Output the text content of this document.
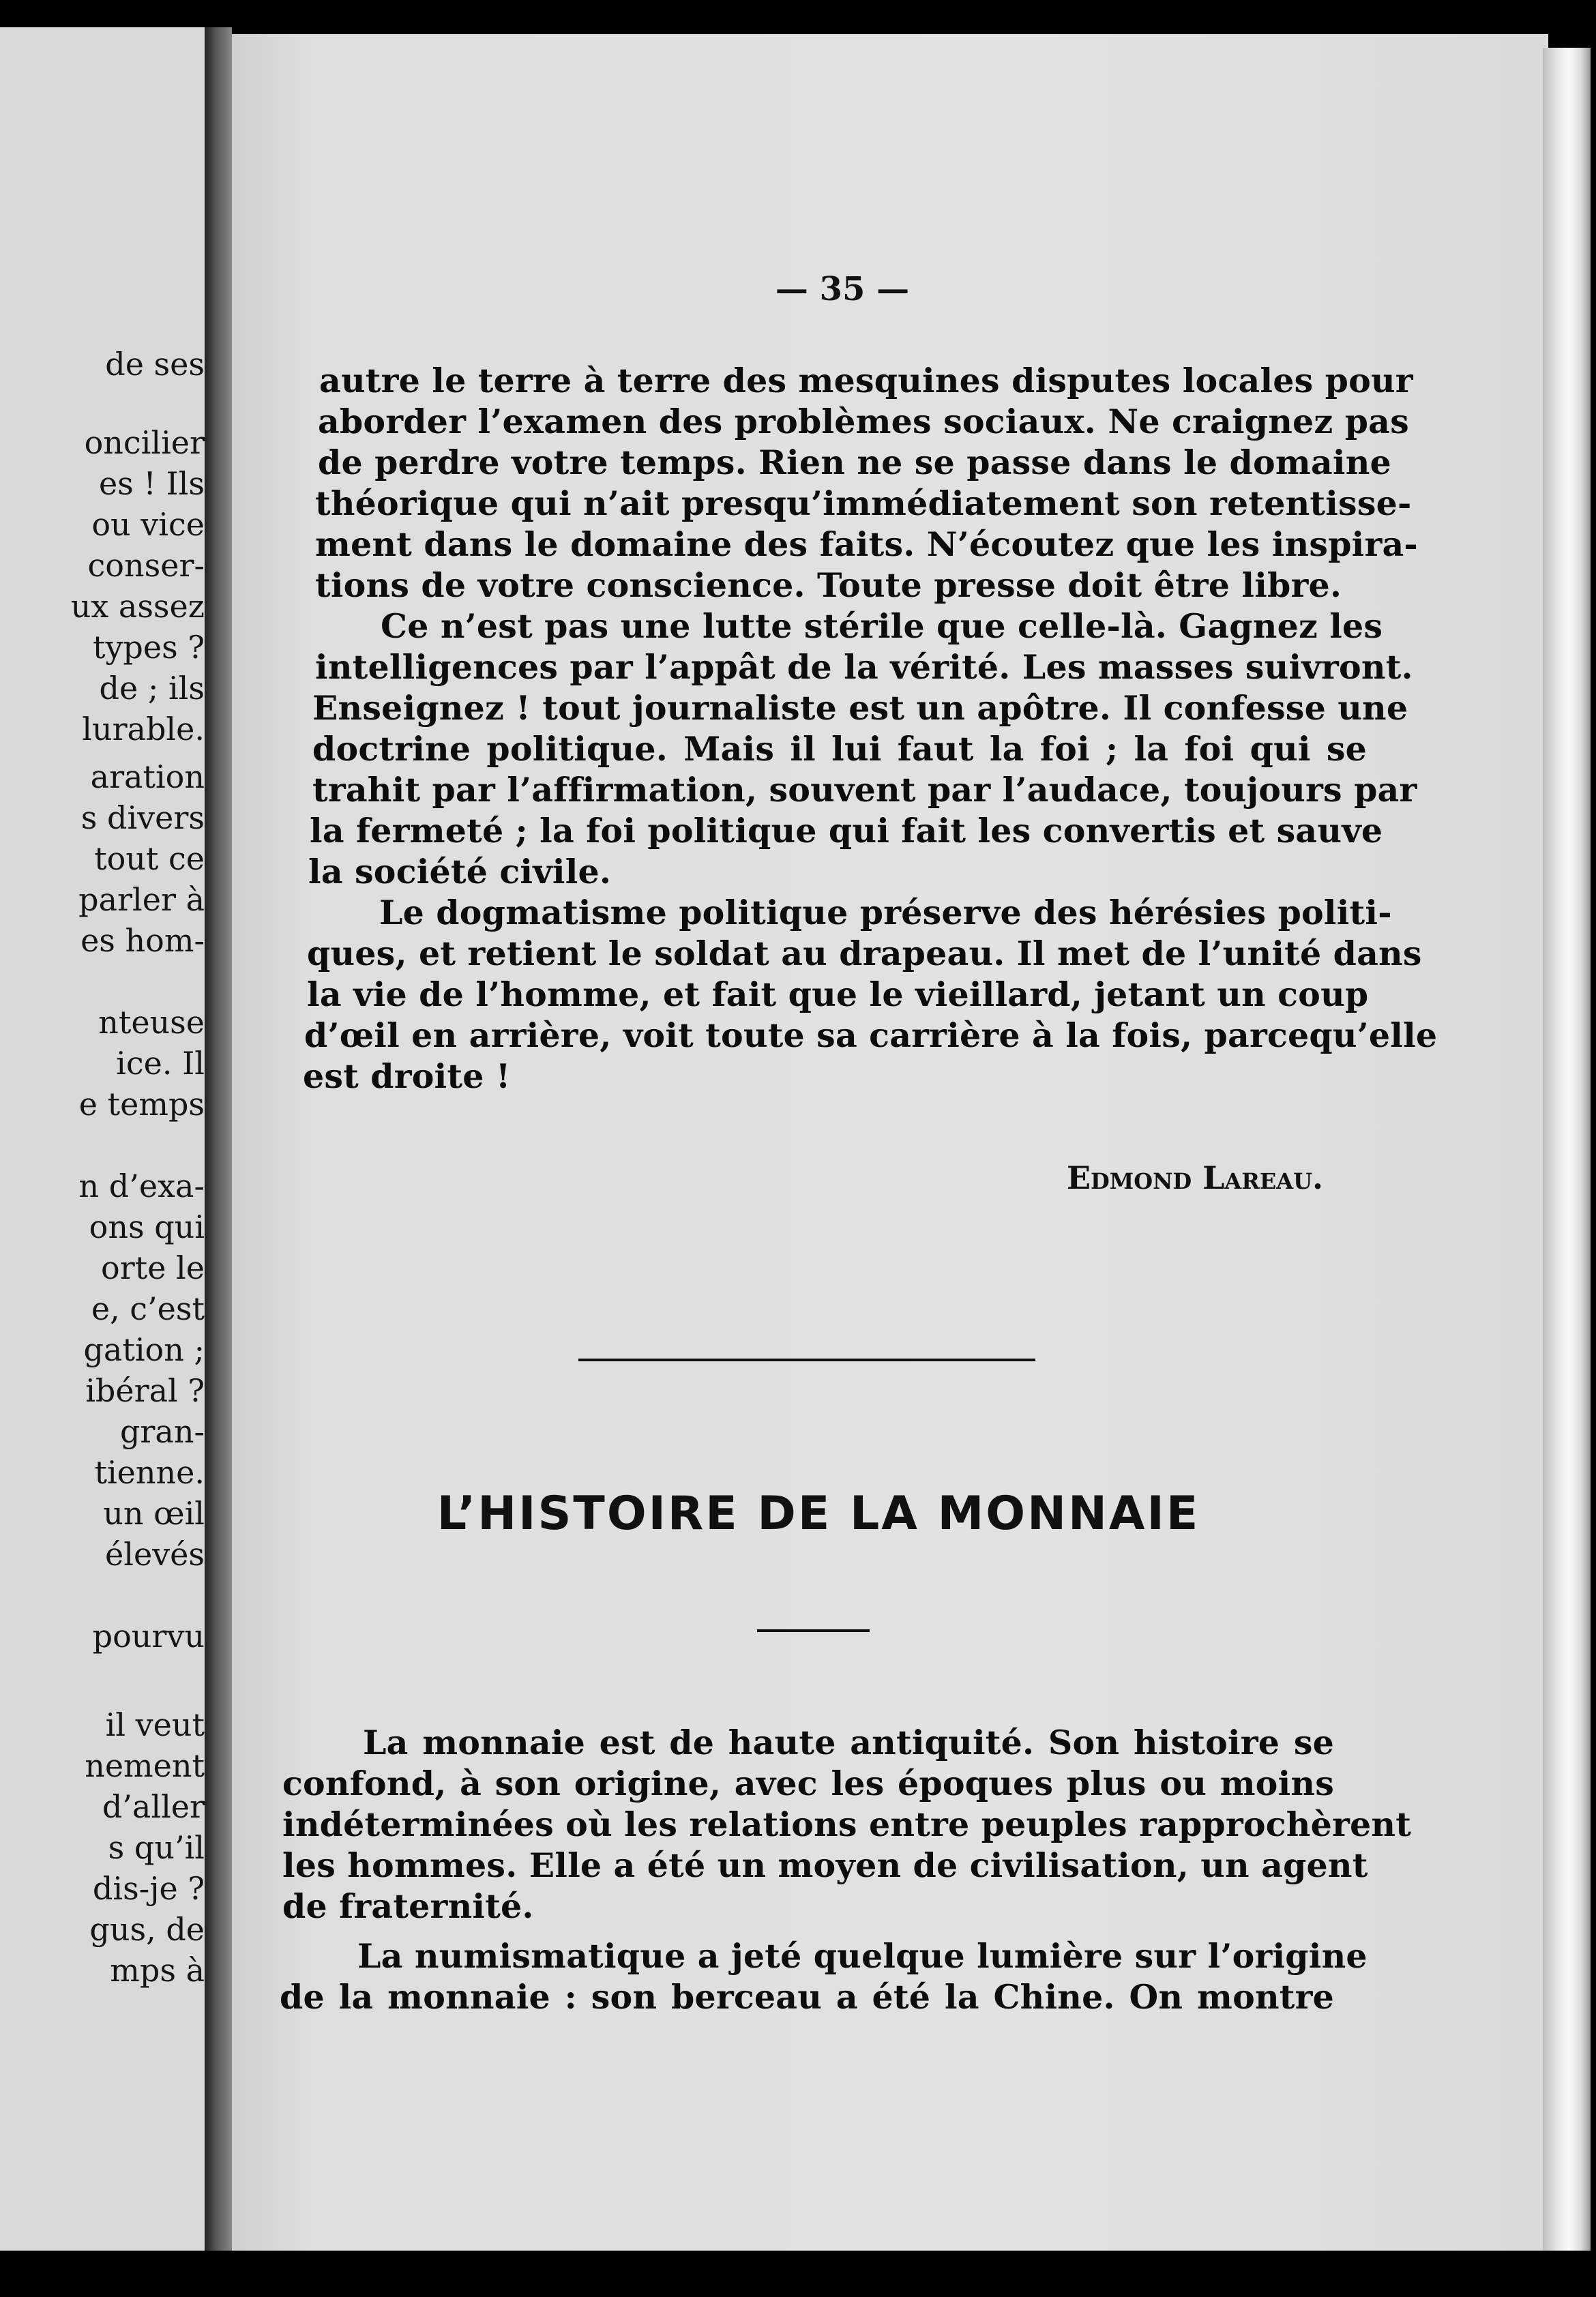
de ses
oncilier
es ! Ils
ou vice
conser-
ux assez
types ?
de ; ils
lurable.
aration
s divers
tout ce
parler à
es hom-
nteuse
ice. Il
e temps
n d’exa-
ons qui
orte le
e, c’est
gation ;
ibéral ?
gran-
tienne.
un œil
élevés
pourvu
il veut
nement
d’aller
s qu’il
dis-je ?
gus, de
mps à
— 35 —
autre le terre à terre des mesquines disputes locales pour
aborder l’examen des problèmes sociaux. Ne craignez pas
de perdre votre temps. Rien ne se passe dans le domaine
théorique qui n’ait presqu’immédiatement son retentisse-
ment dans le domaine des faits. N’écoutez que les inspira-
tions de votre conscience. Toute presse doit être libre.
Ce n’est pas une lutte stérile que celle-là. Gagnez les
intelligences par l’appât de la vérité. Les masses suivront.
Enseignez ! tout journaliste est un apôtre. Il confesse une
doctrine politique. Mais il lui faut la foi ; la foi qui se
trahit par l’affirmation, souvent par l’audace, toujours par
la fermeté ; la foi politique qui fait les convertis et sauve
la société civile.
Le dogmatisme politique préserve des hérésies politi-
ques, et retient le soldat au drapeau. Il met de l’unité dans
la vie de l’homme, et fait que le vieillard, jetant un coup
d’œil en arrière, voit toute sa carrière à la fois, parcequ’elle
est droite !
Edmond Lareau.
L’HISTOIRE DE LA MONNAIE
La monnaie est de haute antiquité. Son histoire se
confond, à son origine, avec les époques plus ou moins
indéterminées où les relations entre peuples rapprochèrent
les hommes. Elle a été un moyen de civilisation, un agent
de fraternité.
La numismatique a jeté quelque lumière sur l’origine
de la monnaie : son berceau a été la Chine. On montre
